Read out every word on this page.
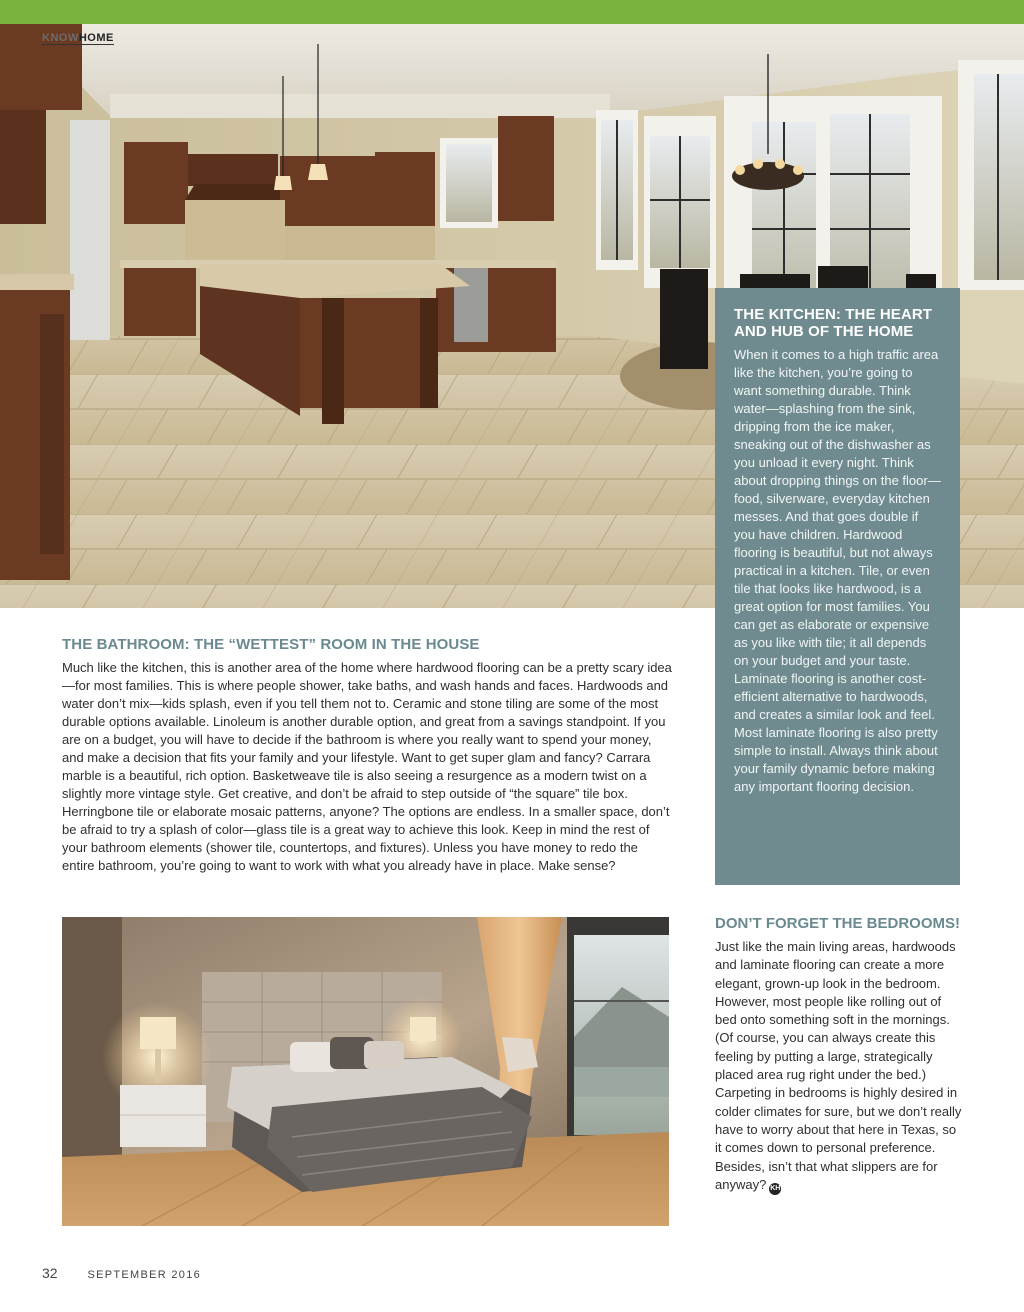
KNOWHOME
THE KITCHEN: THE HEART AND HUB OF THE HOME

When it comes to a high traffic area like the kitchen, you’re going to want something durable. Think water—splashing from the sink, dripping from the ice maker, sneaking out of the dishwasher as you unload it every night. Think about dropping things on the floor—food, silverware, everyday kitchen messes. And that goes double if you have children. Hardwood flooring is beautiful, but not always practical in a kitchen. Tile, or even tile that looks like hardwood, is a great option for most families. You can get as elaborate or expensive as you like with tile; it all depends on your budget and your taste. Laminate flooring is another cost-efficient alternative to hardwoods, and creates a similar look and feel. Most laminate flooring is also pretty simple to install. Always think about your family dynamic before making any important flooring decision.

THE BATHROOM: THE “WETTEST” ROOM IN THE HOUSE

Much like the kitchen, this is another area of the home where hardwood flooring can be a pretty scary idea—for most families. This is where people shower, take baths, and wash hands and faces. Hardwoods and water don’t mix—kids splash, even if you tell them not to. Ceramic and stone tiling are some of the most durable options available. Linoleum is another durable option, and great from a savings standpoint. If you are on a budget, you will have to decide if the bathroom is where you really want to spend your money, and make a decision that fits your family and your lifestyle. Want to get super glam and fancy? Carrara marble is a beautiful, rich option. Basketweave tile is also seeing a resurgence as a modern twist on a slightly more vintage style. Get creative, and don’t be afraid to step outside of “the square” tile box. Herringbone tile or elaborate mosaic patterns, anyone? The options are endless. In a smaller space, don’t be afraid to try a splash of color—glass tile is a great way to achieve this look. Keep in mind the rest of your bathroom elements (shower tile, countertops, and fixtures). Unless you have money to redo the entire bathroom, you’re going to want to work with what you already have in place. Make sense?

DON’T FORGET THE BEDROOMS!

Just like the main living areas, hardwoods and laminate flooring can create a more elegant, grown-up look in the bedroom. However, most people like rolling out of bed onto something soft in the mornings. (Of course, you can always create this feeling by putting a large, strategically placed area rug right under the bed.) Carpeting in bedrooms is highly desired in colder climates for sure, but we don’t really have to worry about that here in Texas, so it comes down to personal preference. Besides, isn’t that what slippers are for anyway? KH

32	SEPTEMBER 2016
